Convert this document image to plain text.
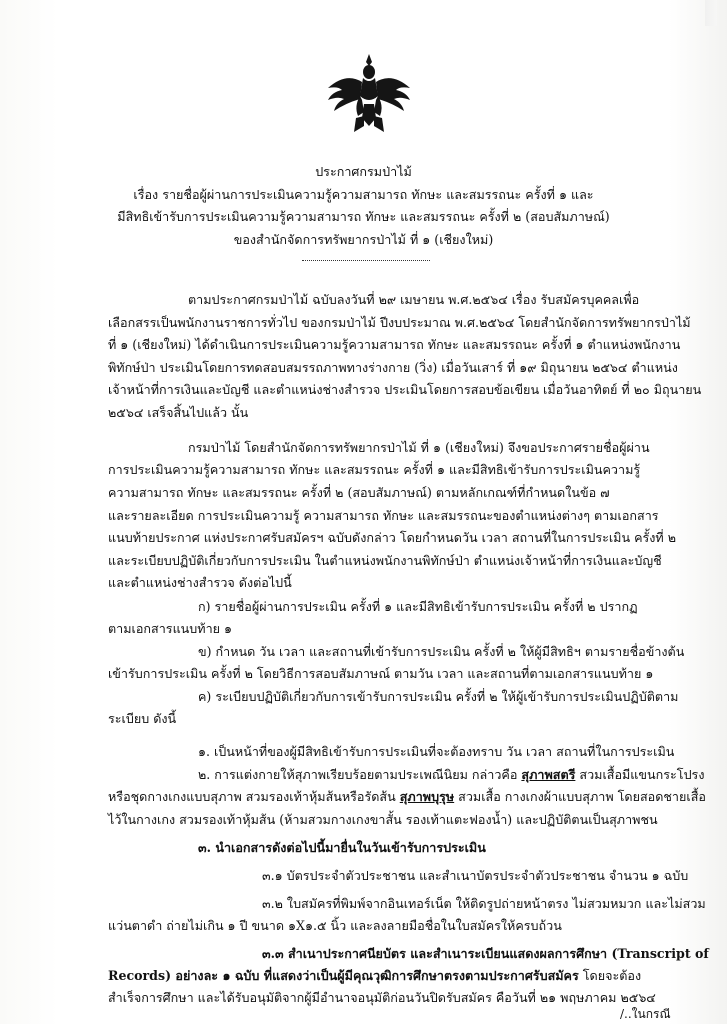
ประกาศกรมป่าไม้
เรื่อง รายชื่อผู้ผ่านการประเมินความรู้ความสามารถ ทักษะ และสมรรถนะ ครั้งที่ ๑ และ
มีสิทธิเข้ารับการประเมินความรู้ความสามารถ ทักษะ และสมรรถนะ ครั้งที่ ๒ (สอบสัมภาษณ์)
ของสำนักจัดการทรัพยากรป่าไม้ ที่ ๑ (เชียงใหม่)
ตามประกาศกรมป่าไม้ ฉบับลงวันที่ ๒๙ เมษายน พ.ศ.๒๕๖๔ เรื่อง รับสมัครบุคคลเพื่อ
เลือกสรรเป็นพนักงานราชการทั่วไป ของกรมป่าไม้ ปีงบประมาณ พ.ศ.๒๕๖๔ โดยสำนักจัดการทรัพยากรป่าไม้
ที่ ๑ (เชียงใหม่) ได้ดำเนินการประเมินความรู้ความสามารถ ทักษะ และสมรรถนะ ครั้งที่ ๑ ตำแหน่งพนักงาน
พิทักษ์ป่า ประเมินโดยการทดสอบสมรรถภาพทางร่างกาย (วิ่ง) เมื่อวันเสาร์ ที่ ๑๙ มิถุนายน ๒๕๖๔ ตำแหน่ง
เจ้าหน้าที่การเงินและบัญชี และตำแหน่งช่างสำรวจ ประเมินโดยการสอบข้อเขียน เมื่อวันอาทิตย์ ที่ ๒๐ มิถุนายน
๒๕๖๔ เสร็จสิ้นไปแล้ว นั้น
กรมป่าไม้ โดยสำนักจัดการทรัพยากรป่าไม้ ที่ ๑ (เชียงใหม่) จึงขอประกาศรายชื่อผู้ผ่าน
การประเมินความรู้ความสามารถ ทักษะ และสมรรถนะ ครั้งที่ ๑ และมีสิทธิเข้ารับการประเมินความรู้
ความสามารถ ทักษะ และสมรรถนะ ครั้งที่ ๒ (สอบสัมภาษณ์) ตามหลักเกณฑ์ที่กำหนดในข้อ ๗
และรายละเอียด การประเมินความรู้ ความสามารถ ทักษะ และสมรรถนะของตำแหน่งต่างๆ ตามเอกสาร
แนบท้ายประกาศ แห่งประกาศรับสมัครฯ ฉบับดังกล่าว โดยกำหนดวัน เวลา สถานที่ในการประเมิน ครั้งที่ ๒
และระเบียบปฏิบัติเกี่ยวกับการประเมิน ในตำแหน่งพนักงานพิทักษ์ป่า ตำแหน่งเจ้าหน้าที่การเงินและบัญชี
และตำแหน่งช่างสำรวจ ดังต่อไปนี้
ก) รายชื่อผู้ผ่านการประเมิน ครั้งที่ ๑ และมีสิทธิเข้ารับการประเมิน ครั้งที่ ๒ ปรากฏ
ตามเอกสารแนบท้าย ๑
ข) กำหนด วัน เวลา และสถานที่เข้ารับการประเมิน ครั้งที่ ๒ ให้ผู้มีสิทธิฯ ตามรายชื่อข้างต้น
เข้ารับการประเมิน ครั้งที่ ๒ โดยวิธีการสอบสัมภาษณ์ ตามวัน เวลา และสถานที่ตามเอกสารแนบท้าย ๑
ค) ระเบียบปฏิบัติเกี่ยวกับการเข้ารับการประเมิน ครั้งที่ ๒ ให้ผู้เข้ารับการประเมินปฏิบัติตาม
ระเบียบ ดังนี้
๑. เป็นหน้าที่ของผู้มีสิทธิเข้ารับการประเมินที่จะต้องทราบ วัน เวลา สถานที่ในการประเมิน
๒. การแต่งกายให้สุภาพเรียบร้อยตามประเพณีนิยม กล่าวคือ สุภาพสตรี สวมเสื้อมีแขนกระโปรง
หรือชุดกางเกงแบบสุภาพ สวมรองเท้าหุ้มส้นหรือรัดส้น สุภาพบุรุษ สวมเสื้อ กางเกงผ้าแบบสุภาพ โดยสอดชายเสื้อ
ไว้ในกางเกง สวมรองเท้าหุ้มส้น (ห้ามสวมกางเกงขาสั้น รองเท้าแตะฟองน้ำ) และปฏิบัติตนเป็นสุภาพชน
๓. นำเอกสารดังต่อไปนี้มายื่นในวันเข้ารับการประเมิน
๓.๑ บัตรประจำตัวประชาชน และสำเนาบัตรประจำตัวประชาชน จำนวน ๑ ฉบับ
๓.๒ ใบสมัครที่พิมพ์จากอินเทอร์เน็ต ให้ติดรูปถ่ายหน้าตรง ไม่สวมหมวก และไม่สวม
แว่นตาดำ ถ่ายไม่เกิน ๑ ปี ขนาด ๑X๑.๕ นิ้ว และลงลายมือชื่อในใบสมัครให้ครบถ้วน
๓.๓ สำเนาประกาศนียบัตร และสำเนาระเบียนแสดงผลการศึกษา (Transcript of
Records) อย่างละ ๑ ฉบับ ที่แสดงว่าเป็นผู้มีคุณวุฒิการศึกษาตรงตามประกาศรับสมัคร โดยจะต้อง
สำเร็จการศึกษา และได้รับอนุมัติจากผู้มีอำนาจอนุมัติก่อนวันปิดรับสมัคร คือวันที่ ๒๑ พฤษภาคม ๒๕๖๔
/..ในกรณี
